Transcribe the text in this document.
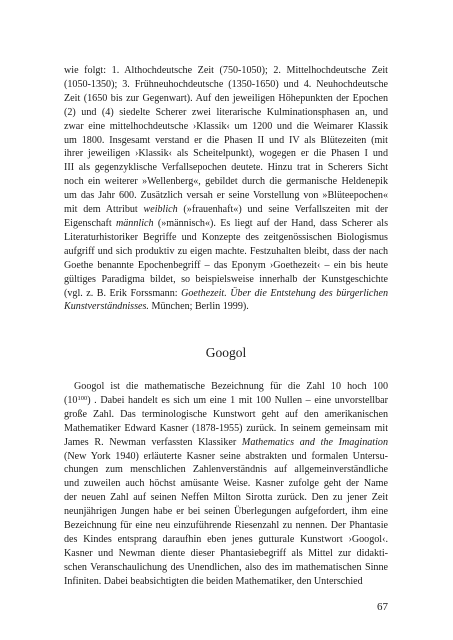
wie folgt: 1. Althochdeutsche Zeit (750-1050); 2. Mittelhochdeutsche Zeit
(1050-1350); 3. Frühneuhochdeutsche (1350-1650) und 4. Neuhochdeutsche
Zeit (1650 bis zur Gegenwart). Auf den jeweiligen Höhepunkten der Epochen
(2) und (4) siedelte Scherer zwei literarische Kulminationsphasen an, und
zwar eine mittelhochdeutsche ›Klassik‹ um 1200 und die Weimarer Klassik
um 1800. Insgesamt verstand er die Phasen II und IV als Blütezeiten (mit
ihrer jeweiligen ›Klassik‹ als Scheitelpunkt), wogegen er die Phasen I und
III als gegenzyklische Verfallsepochen deutete. Hinzu trat in Scherers Sicht
noch ein weiterer »Wellenberg«, gebildet durch die germanische Heldenepik
um das Jahr 600. Zusätzlich versah er seine Vorstellung von »Blüteepochen«
mit dem Attribut weiblich (»frauenhaft«) und seine Verfallszeiten mit der
Eigenschaft männlich (»männisch«). Es liegt auf der Hand, dass Scherer als
Literaturhistoriker Begriffe und Konzepte des zeitgenössischen Biologismus
aufgriff und sich produktiv zu eigen machte. Festzuhalten bleibt, dass der nach
Goethe benannte Epochenbegriff – das Eponym ›Goethezeit‹ – ein bis heute
gültiges Paradigma bildet, so beispielsweise innerhalb der Kunstgeschichte
(vgl. z. B. Erik Forssmann: Goethezeit. Über die Entstehung des bürgerlichen
Kunstverständnisses. München; Berlin 1999).
Googol
Googol ist die mathematische Bezeichnung für die Zahl 10 hoch 100
$(10^{100})$ . Dabei handelt es sich um eine 1 mit 100 Nullen – eine unvorstellbar
große Zahl. Das terminologische Kunstwort geht auf den amerikanischen
Mathematiker Edward Kasner (1878-1955) zurück. In seinem gemeinsam mit
James R. Newman verfassten Klassiker Mathematics and the Imagination
(New York 1940) erläuterte Kasner seine abstrakten und formalen Untersu-
chungen zum menschlichen Zahlenverständnis auf allgemeinverständliche
und zuweilen auch höchst amüsante Weise. Kasner zufolge geht der Name
der neuen Zahl auf seinen Neffen Milton Sirotta zurück. Den zu jener Zeit
neunjährigen Jungen habe er bei seinen Überlegungen aufgefordert, ihm eine
Bezeichnung für eine neu einzuführende Riesenzahl zu nennen. Der Phantasie
des Kindes entsprang daraufhin eben jenes gutturale Kunstwort ›Googol‹.
Kasner und Newman diente dieser Phantasiebegriff als Mittel zur didakti-
schen Veranschaulichung des Unendlichen, also des im mathematischen Sinne
Infiniten. Dabei beabsichtigten die beiden Mathematiker, den Unterschied
67
